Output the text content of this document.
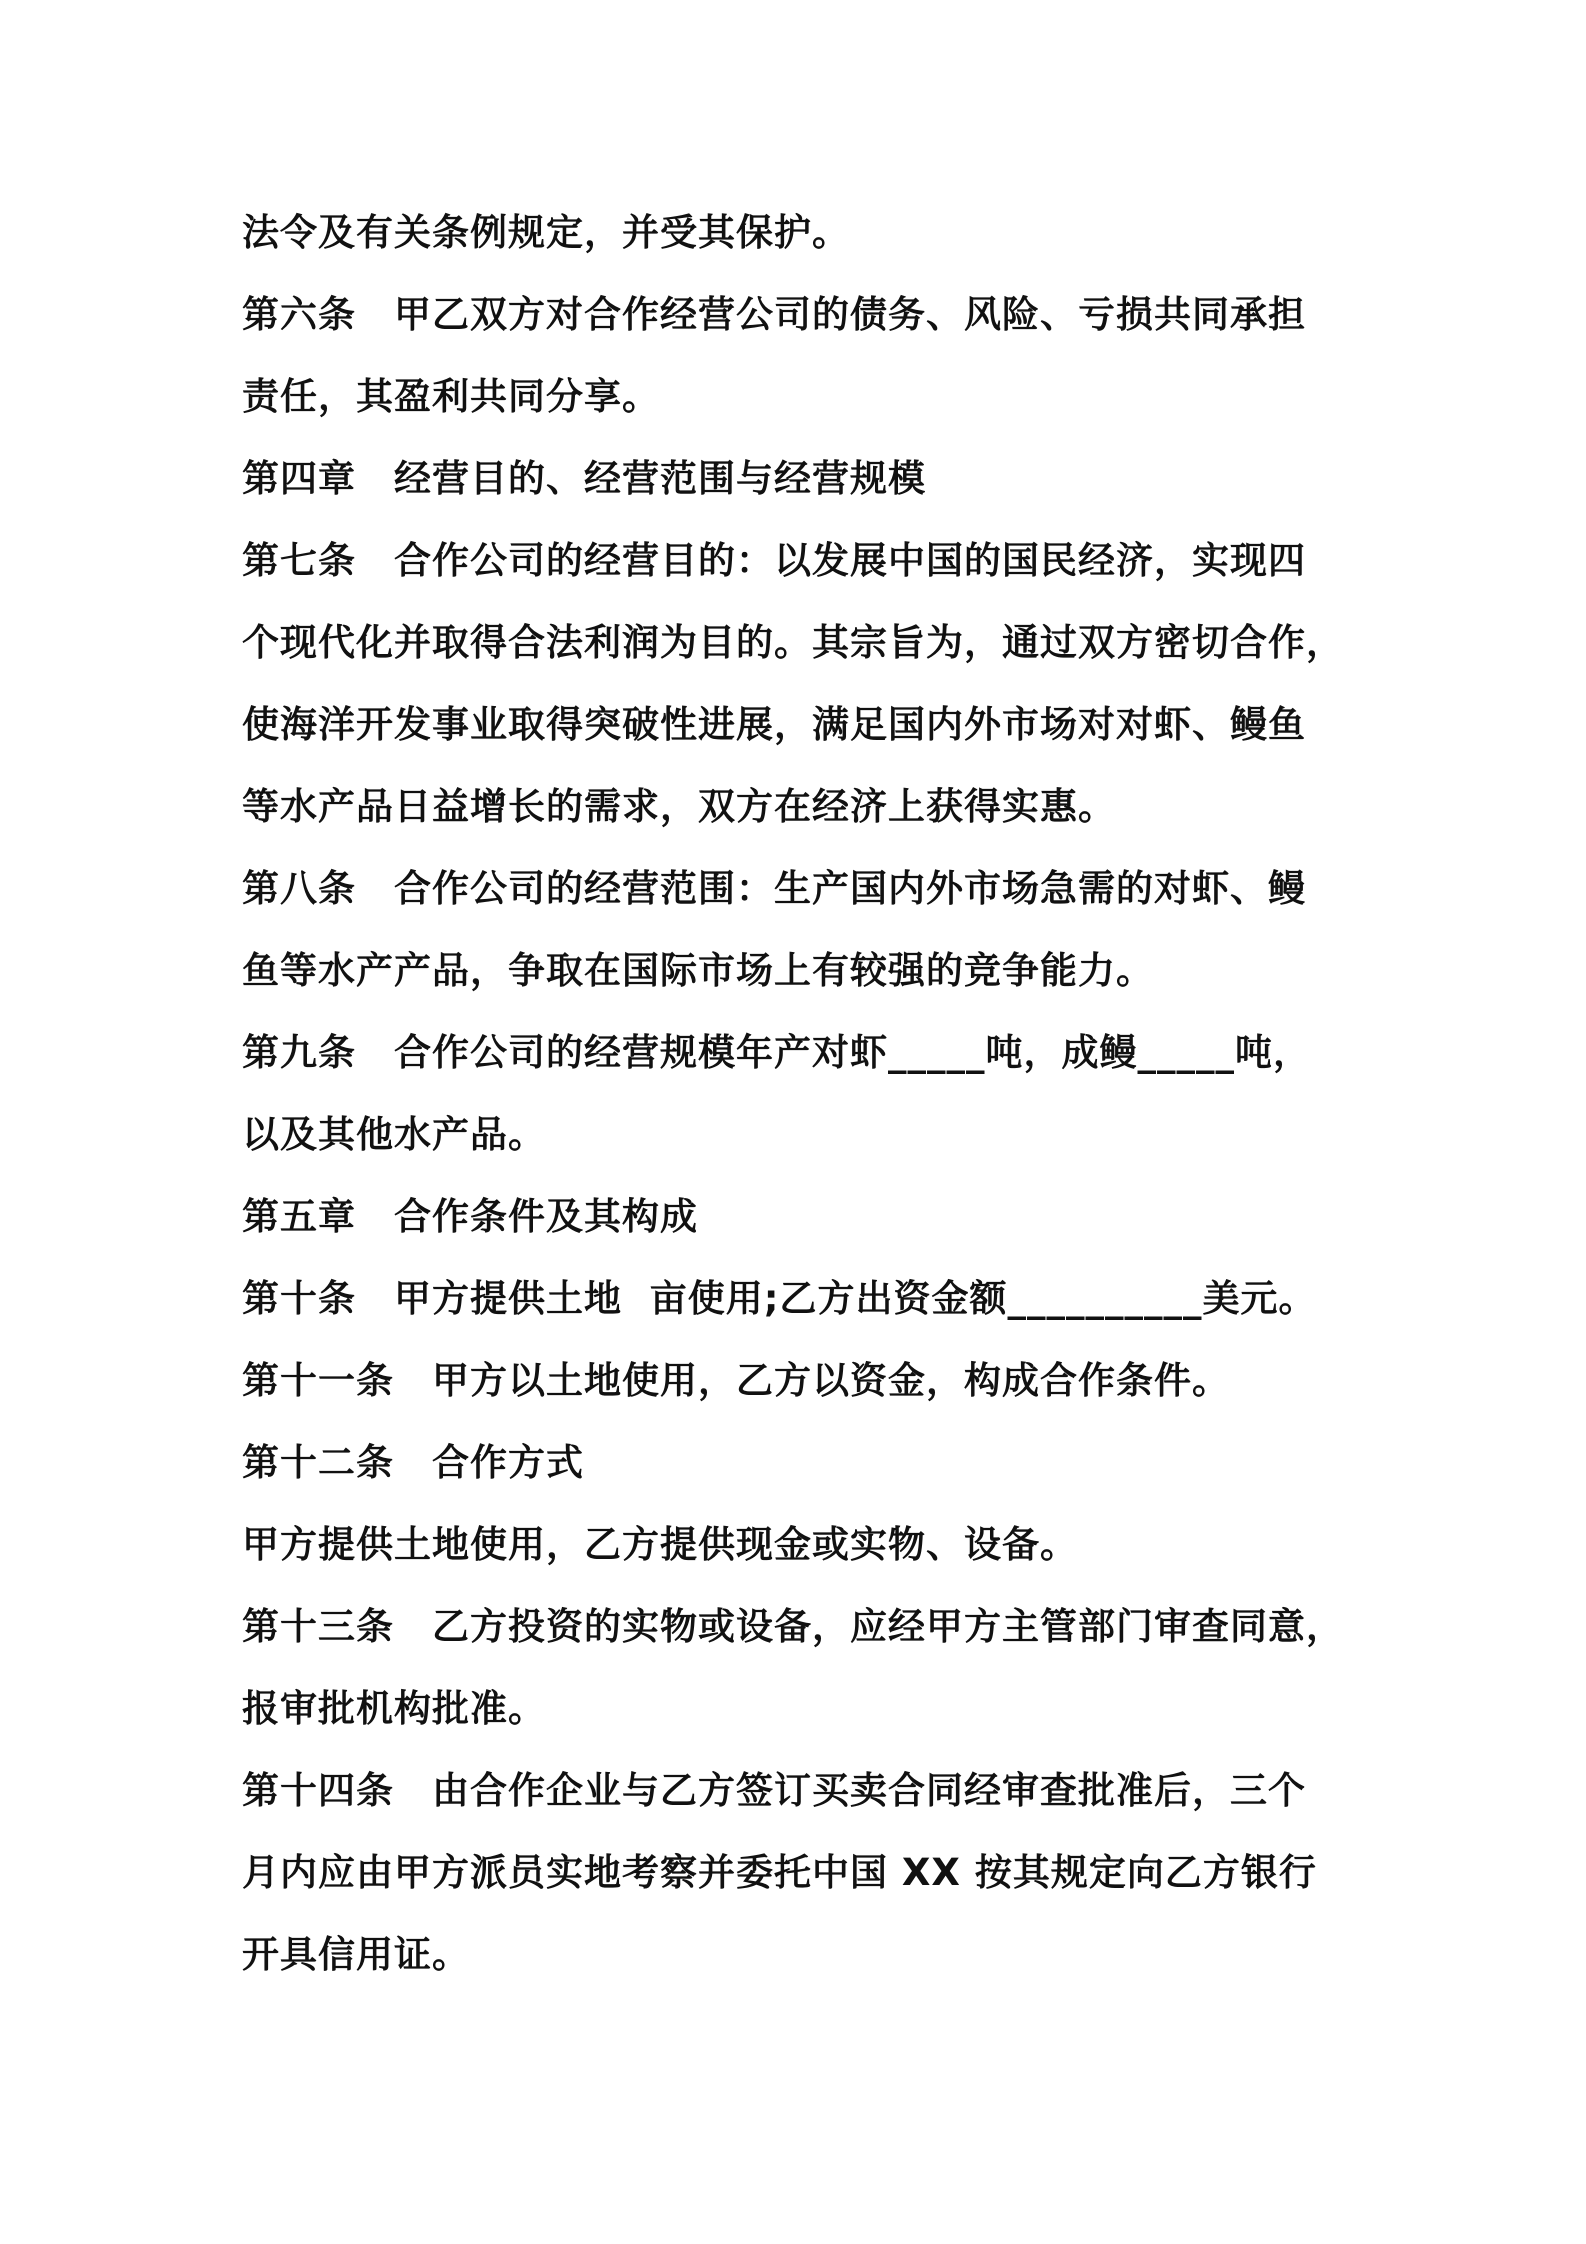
法令及有关条例规定，并受其保护。
第六条　甲乙双方对合作经营公司的债务、风险、亏损共同承担
责任，其盈利共同分享。
第四章　经营目的、经营范围与经营规模
第七条　合作公司的经营目的：以发展中国的国民经济，实现四
个现代化并取得合法利润为目的。其宗旨为，通过双方密切合作，
使海洋开发事业取得突破性进展，满足国内外市场对对虾、鳗鱼
等水产品日益增长的需求，双方在经济上获得实惠。
第八条　合作公司的经营范围：生产国内外市场急需的对虾、鳗
鱼等水产产品，争取在国际市场上有较强的竞争能力。
第九条　合作公司的经营规模年产对虾_____吨，成鳗_____吨，
以及其他水产品。
第五章　合作条件及其构成
第十条　甲方提供土地  亩使用;乙方出资金额__________美元。
第十一条　甲方以土地使用，乙方以资金，构成合作条件。
第十二条　合作方式
甲方提供土地使用，乙方提供现金或实物、设备。
第十三条　乙方投资的实物或设备，应经甲方主管部门审查同意，
报审批机构批准。
第十四条　由合作企业与乙方签订买卖合同经审查批准后，三个
月内应由甲方派员实地考察并委托中国 XX 按其规定向乙方银行
开具信用证。
